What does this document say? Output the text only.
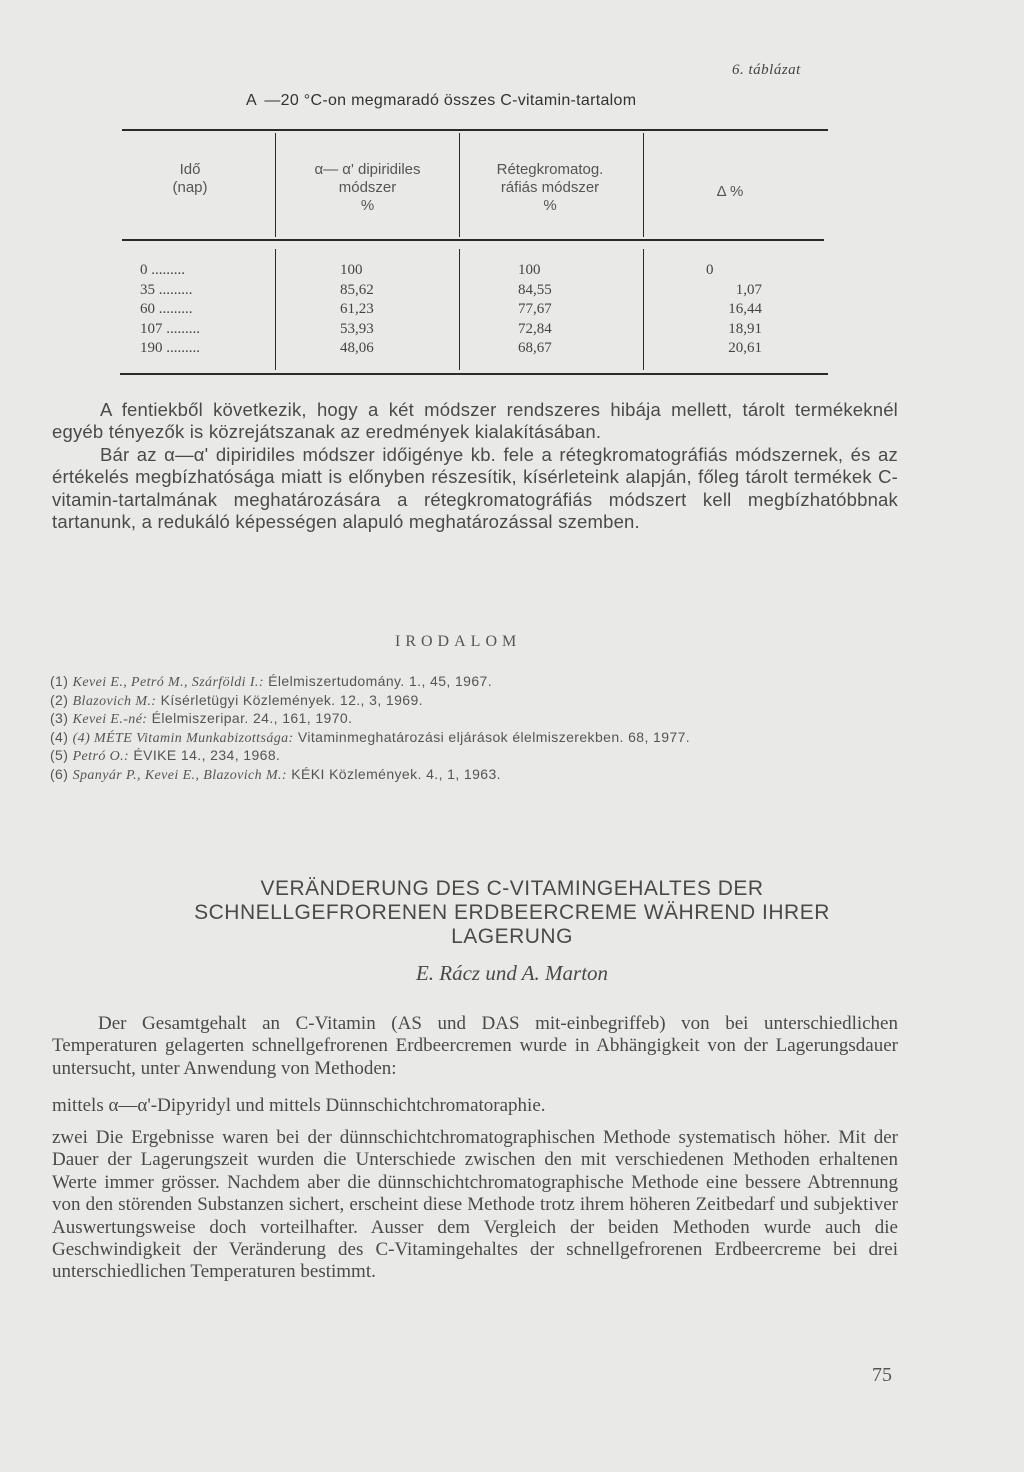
6. táblázat
A  —20 °C-on megmaradó összes C-vitamin-tartalom
Idő
(nap)
α— α' dipiridiles
módszer
%
Rétegkromatog.
ráfiás módszer
%
Δ %
0 .........
35 .........
60 .........
107 .........
190 .........
100
85,62
61,23
53,93
48,06
100
84,55
77,67
72,84
68,67
0
1,07
16,44
18,91
20,61

A fentiekből következik, hogy a két módszer rendszeres hibája mellett, tárolt termékeknél egyéb tényezők is közrejátszanak az eredmények kialakításában.

Bár az α—α' dipiridiles módszer időigénye kb. fele a rétegkromatográfiás módszernek, és az értékelés megbízhatósága miatt is előnyben részesítik, kísérleteink alapján, főleg tárolt termékek C-vitamin-tartalmának meghatározására a rétegkromatográfiás módszert kell megbízhatóbbnak tartanunk, a redukáló képességen alapuló meghatározással szemben.

IRODALOM
(1) Kevei E., Petró M., Szárföldi I.: Élelmiszertudomány. 1., 45, 1967.
(2) Blazovich M.: Kísérletügyi Közlemények. 12., 3, 1969.
(3) Kevei E.-né: Élelmiszeripar. 24., 161, 1970.
(4) (4) MÉTE Vitamin Munkabizottsága: Vitaminmeghatározási eljárások élelmiszerekben. 68, 1977.
(5) Petró O.: ÉVIKE 14., 234, 1968.
(6) Spanyár P., Kevei E., Blazovich M.: KÉKI Közlemények. 4., 1, 1963.
VERÄNDERUNG DES C-VITAMINGEHALTES DER
SCHNELLGEFRORENEN ERDBEERCREME WÄHREND IHRER
LAGERUNG
E. Rácz und A. Marton
Der Gesamtgehalt an C-Vitamin (AS und DAS mit-einbegriffeb) von bei unterschiedlichen Temperaturen gelagerten schnellgefrorenen Erdbeercremen wurde in Abhängigkeit von der Lagerungsdauer untersucht, unter Anwendung von Methoden:
mittels α—α'-Dipyridyl und mittels Dünnschichtchromatoraphie.
zwei Die Ergebnisse waren bei der dünnschichtchromatographischen Methode systematisch höher. Mit der Dauer der Lagerungszeit wurden die Unterschiede zwischen den mit verschiedenen Methoden erhaltenen Werte immer grösser. Nachdem aber die dünnschichtchromatographische Methode eine bessere Abtrennung von den störenden Substanzen sichert, erscheint diese Methode trotz ihrem höheren Zeitbedarf und subjektiver Auswertungsweise doch vorteilhafter. Ausser dem Vergleich der beiden Methoden wurde auch die Geschwindigkeit der Veränderung des C-Vitamingehaltes der schnellgefrorenen Erdbeercreme bei drei unterschiedlichen Temperaturen bestimmt.
75
